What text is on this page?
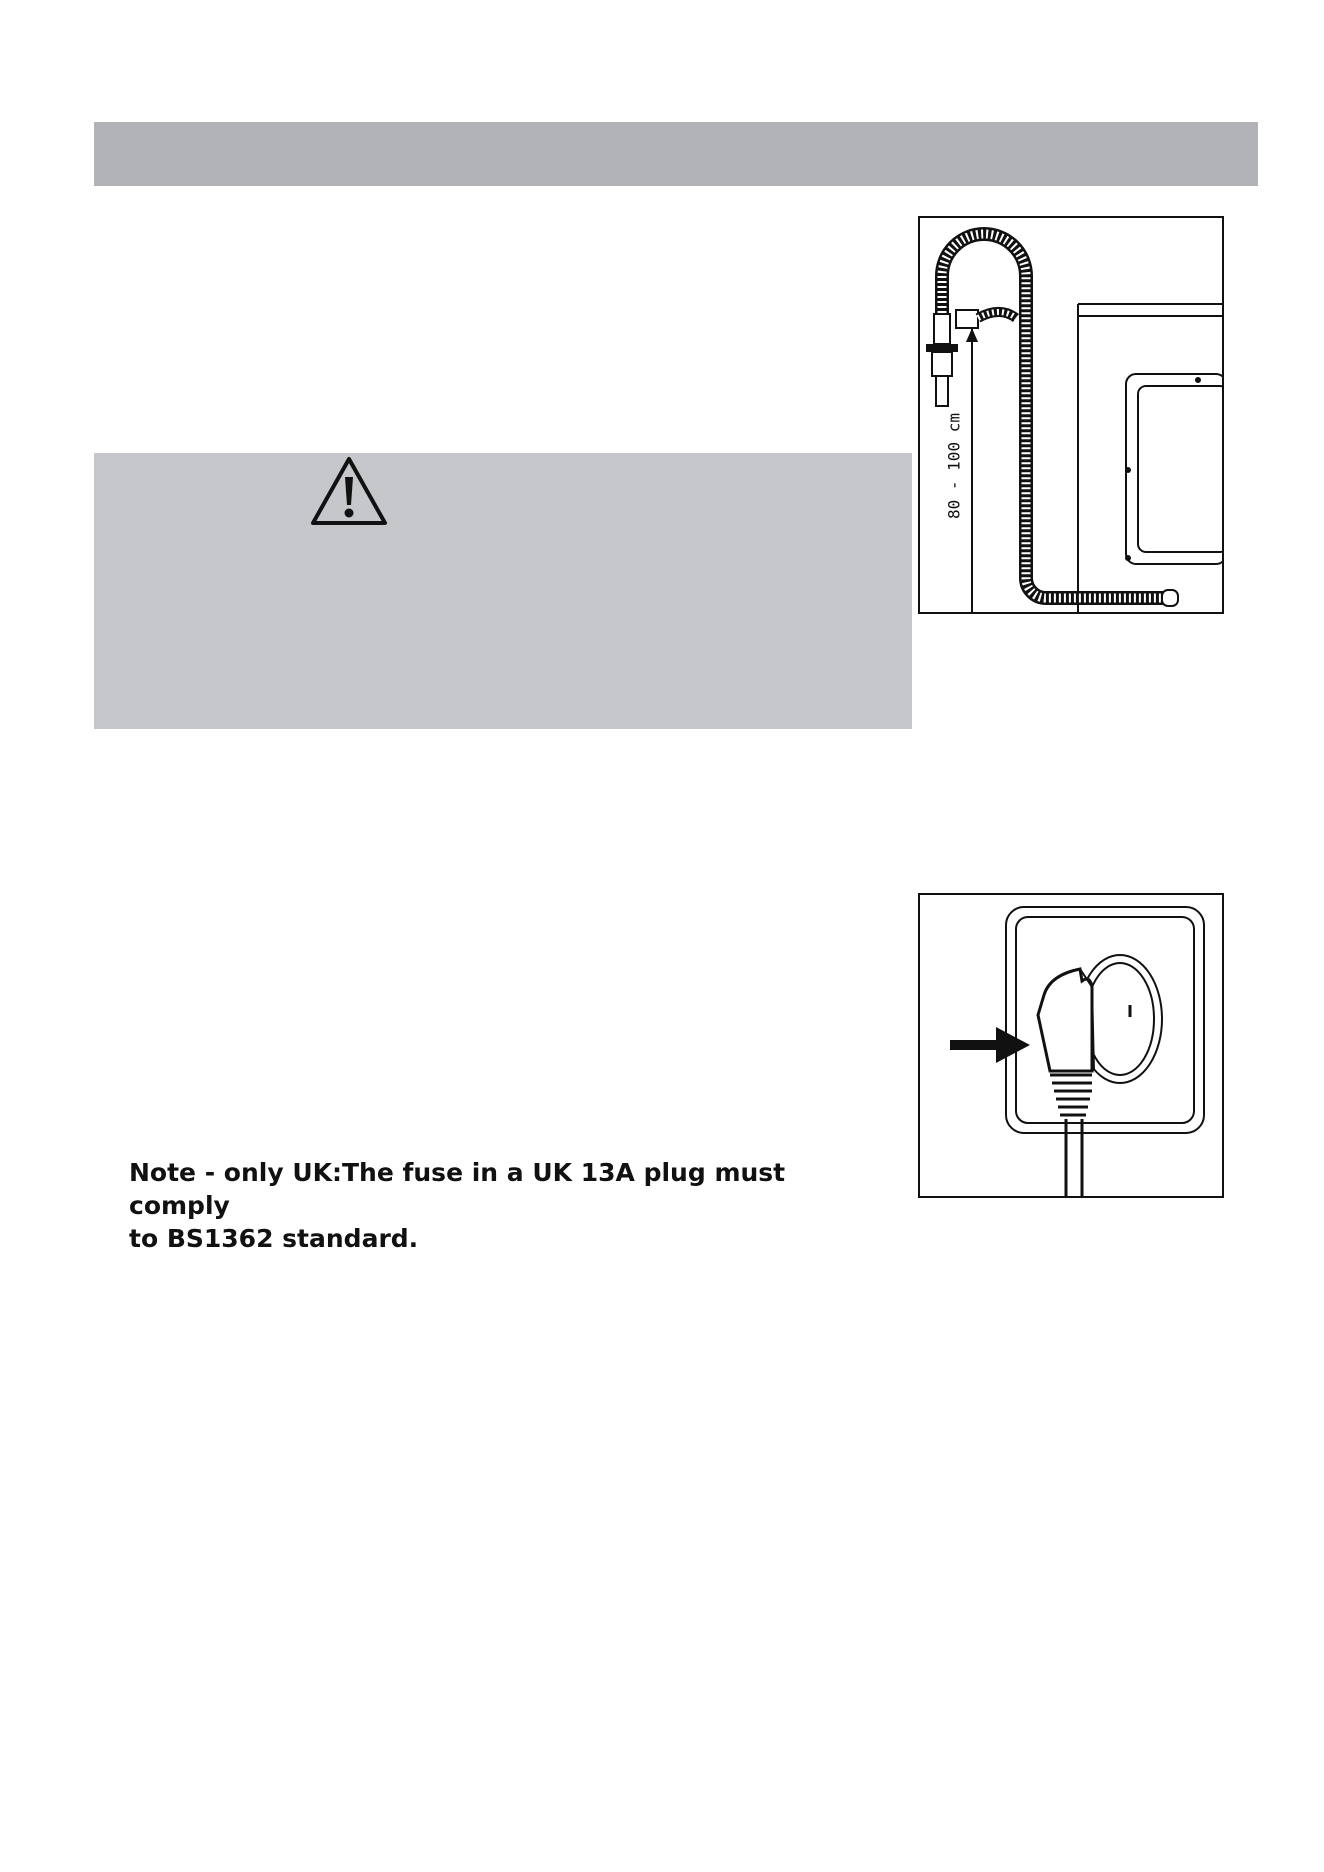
80 - 100 cm

Note - only UK:The fuse in a UK 13A plug must comply
to BS1362 standard.
